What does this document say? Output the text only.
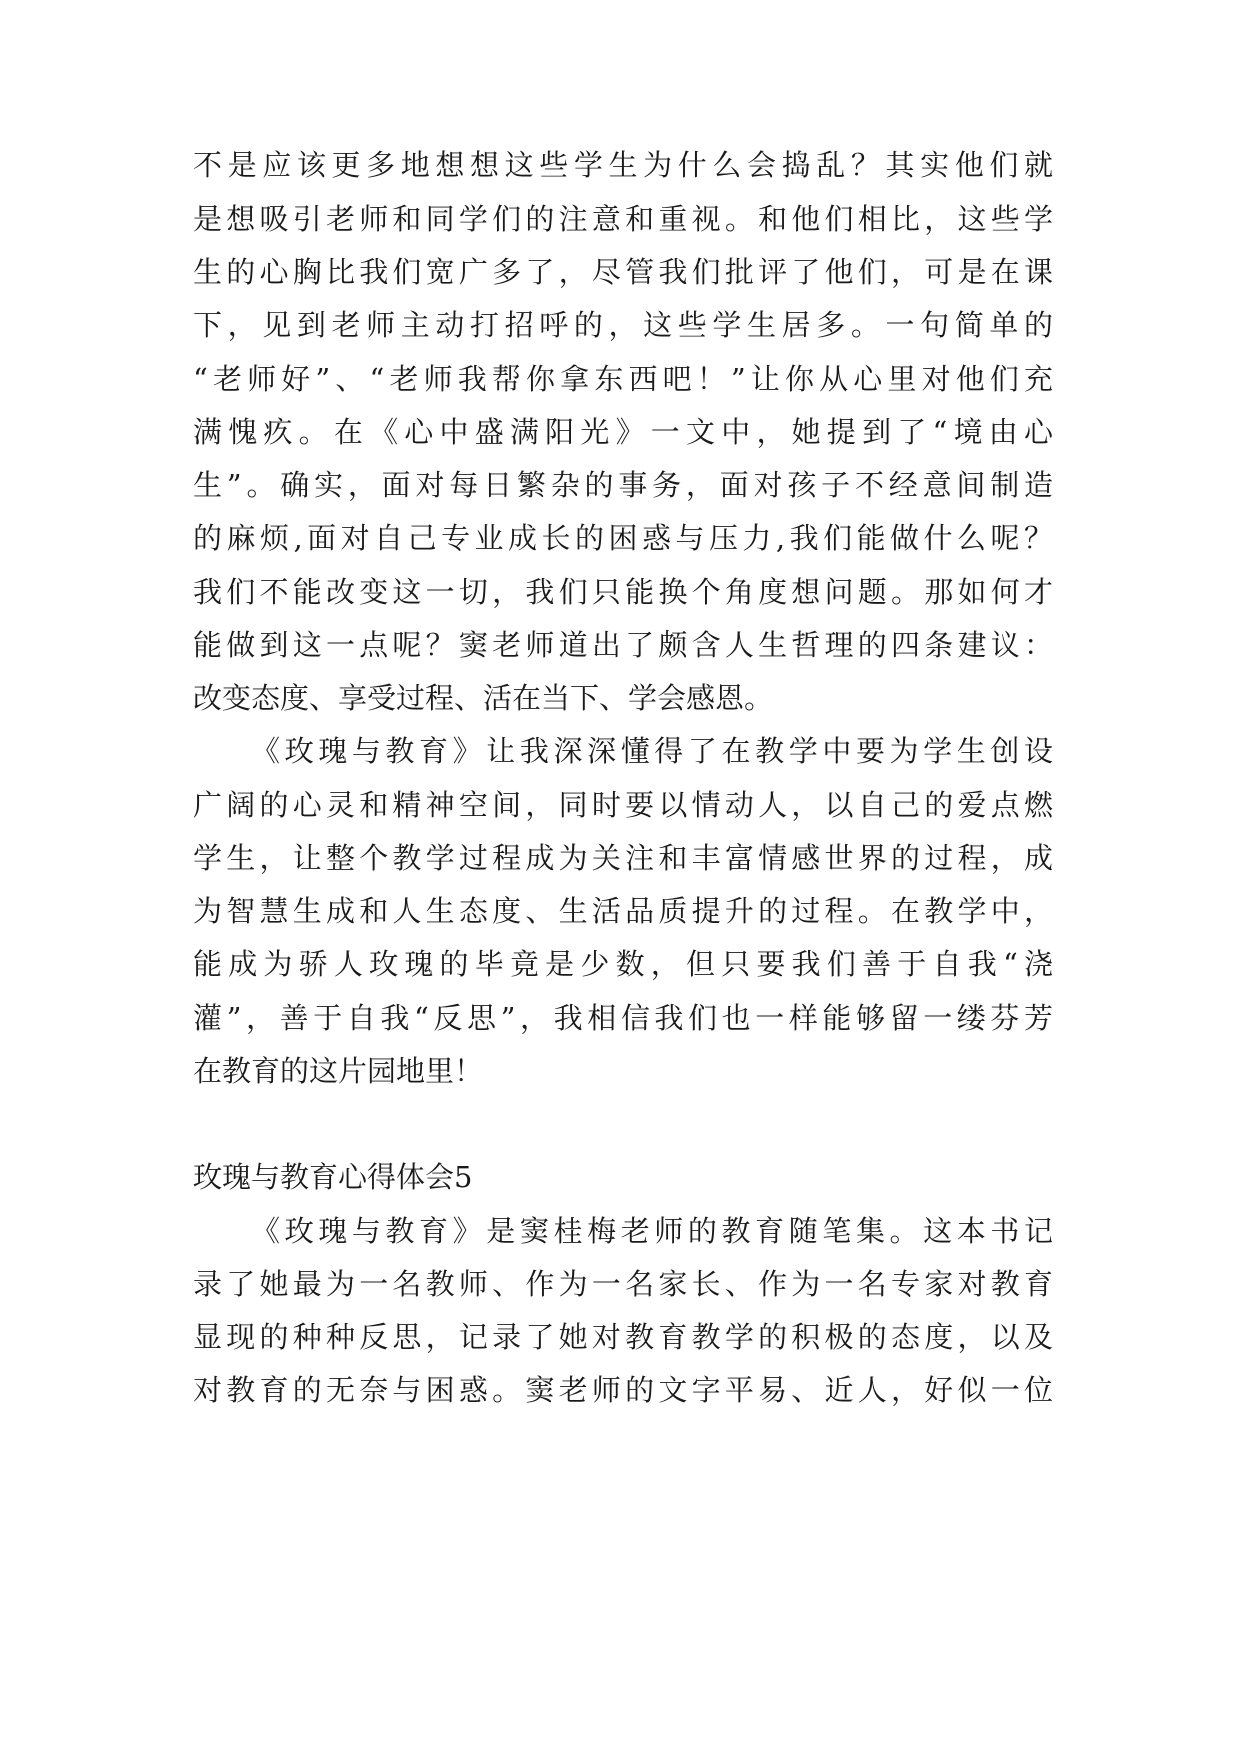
不是应该更多地想想这些学生为什么会捣乱？其实他们就
是想吸引老师和同学们的注意和重视。和他们相比，这些学
生的心胸比我们宽广多了，尽管我们批评了他们，可是在课
下，见到老师主动打招呼的，这些学生居多。一句简单的
“老师好”、“老师我帮你拿东西吧！”让你从心里对他们充
满愧疚。在《心中盛满阳光》一文中，她提到了“境由心
生”。确实，面对每日繁杂的事务，面对孩子不经意间制造
的麻烦,面对自己专业成长的困惑与压力,我们能做什么呢？
我们不能改变这一切，我们只能换个角度想问题。那如何才
能做到这一点呢？窦老师道出了颇含人生哲理的四条建议：
改变态度、享受过程、活在当下、学会感恩。
《玫瑰与教育》让我深深懂得了在教学中要为学生创设
广阔的心灵和精神空间，同时要以情动人，以自己的爱点燃
学生，让整个教学过程成为关注和丰富情感世界的过程，成
为智慧生成和人生态度、生活品质提升的过程。在教学中，
能成为骄人玫瑰的毕竟是少数，但只要我们善于自我“浇
灌”，善于自我“反思”，我相信我们也一样能够留一缕芬芳
在教育的这片园地里！
玫瑰与教育心得体会5
《玫瑰与教育》是窦桂梅老师的教育随笔集。这本书记
录了她最为一名教师、作为一名家长、作为一名专家对教育
显现的种种反思，记录了她对教育教学的积极的态度，以及
对教育的无奈与困惑。窦老师的文字平易、近人，好似一位
